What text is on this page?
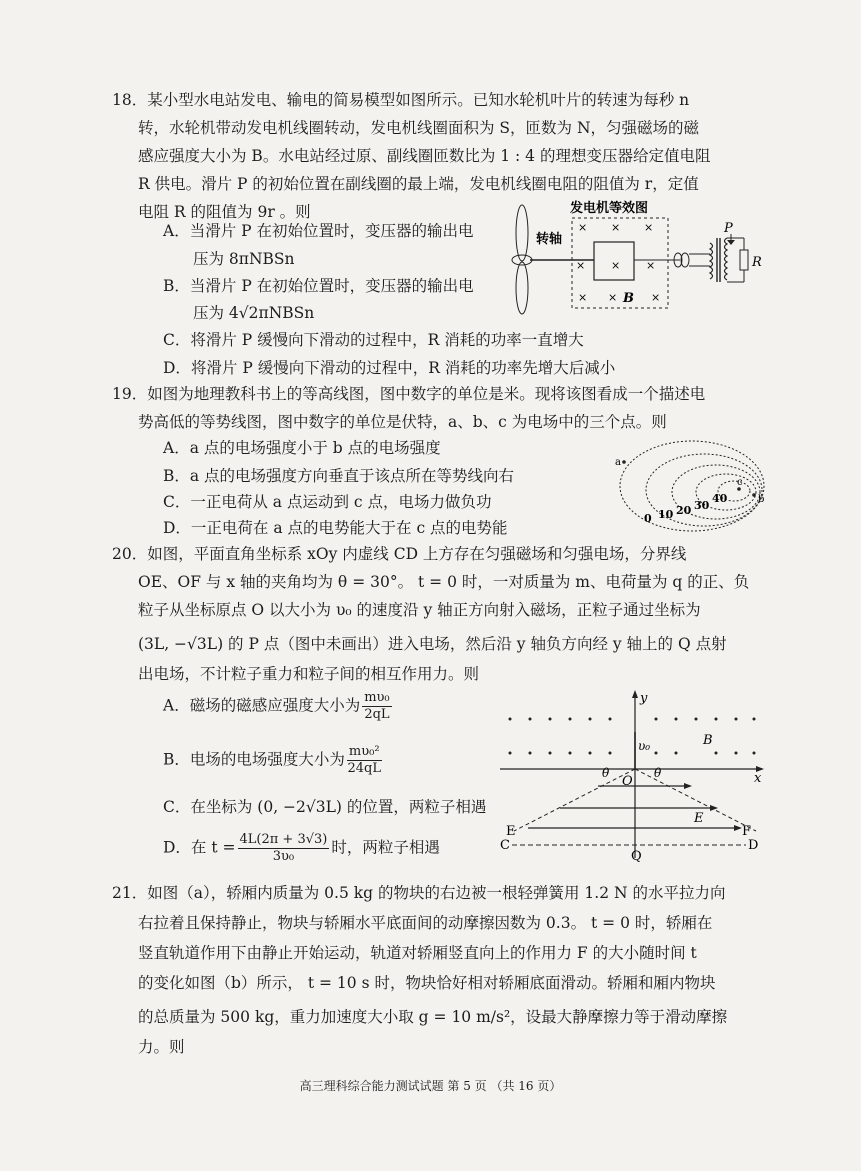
18．某小型水电站发电、输电的简易模型如图所示。已知水轮机叶片的转速为每秒 n
转，水轮机带动发电机线圈转动，发电机线圈面积为 S，匝数为 N，匀强磁场的磁
感应强度大小为 B。水电站经过原、副线圈匝数比为 1 : 4 的理想变压器给定值电阻
R 供电。滑片 P 的初始位置在副线圈的最上端，发电机线圈电阻的阻值为 r，定值
电阻 R 的阻值为 9r 。则
A．当滑片 P 在初始位置时，变压器的输出电
压为 8πNBSn
B．当滑片 P 在初始位置时，变压器的输出电
压为 4√2πNBSn
C．将滑片 P 缓慢向下滑动的过程中，R 消耗的功率一直增大
D．将滑片 P 缓慢向下滑动的过程中，R 消耗的功率先增大后减小
发电机等效图
× × ×
× × ×
× ×	×
B
转轴
P
R
19．如图为地理教科书上的等高线图，图中数字的单位是米。现将该图看成一个描述电
势高低的等势线图，图中数字的单位是伏特，a、b、c 为电场中的三个点。则
A．a 点的电场强度小于 b 点的电场强度
B．a 点的电场强度方向垂直于该点所在等势线向右
C．一正电荷从 a 点运动到 c 点，电场力做负功
D．一正电荷在 a 点的电势能大于在 c 点的电势能
a
b
c
0 10 20 30
40
20．如图，平面直角坐标系 xOy 内虚线 CD 上方存在匀强磁场和匀强电场，分界线
OE、OF 与 x 轴的夹角均为 θ = 30°。 t = 0 时，一对质量为 m、电荷量为 q 的正、负
粒子从坐标原点 O 以大小为 υ₀ 的速度沿 y 轴正方向射入磁场，正粒子通过坐标为
(3L, −√3L) 的 P 点（图中未画出）进入电场，然后沿 y 轴负方向经 y 轴上的 Q 点射
出电场，不计粒子重力和粒子间的相互作用力。则
A．磁场的磁感应强度大小为 $\frac{\text{mυ₀}}{2qL}$
B．电场的电场强度大小为 $\frac{\text{mυ₀²}}{24qL}$
C．在坐标为 (0, −2√3L) 的位置，两粒子相遇
D．在 $t = \frac{4L(2\pi + 3√3)}{\text{3υ₀}}$ 时，两粒子相遇
x
y
υ₀	B
O
θ	θ
E
C	D
E	F
Q
21．如图（a），轿厢内质量为 0.5 kg 的物块的右边被一根轻弹簧用 1.2 N 的水平拉力向
右拉着且保持静止，物块与轿厢水平底面间的动摩擦因数为 0.3。 t = 0 时，轿厢在
竖直轨道作用下由静止开始运动，轨道对轿厢竖直向上的作用力 F 的大小随时间 t
的变化如图（b）所示， t = 10 s 时，物块恰好相对轿厢底面滑动。轿厢和厢内物块
的总质量为 500 kg，重力加速度大小取 g = 10 m/s²，设最大静摩擦力等于滑动摩擦
力。则
高三理科综合能力测试试题 第 5 页 （共 16 页）
